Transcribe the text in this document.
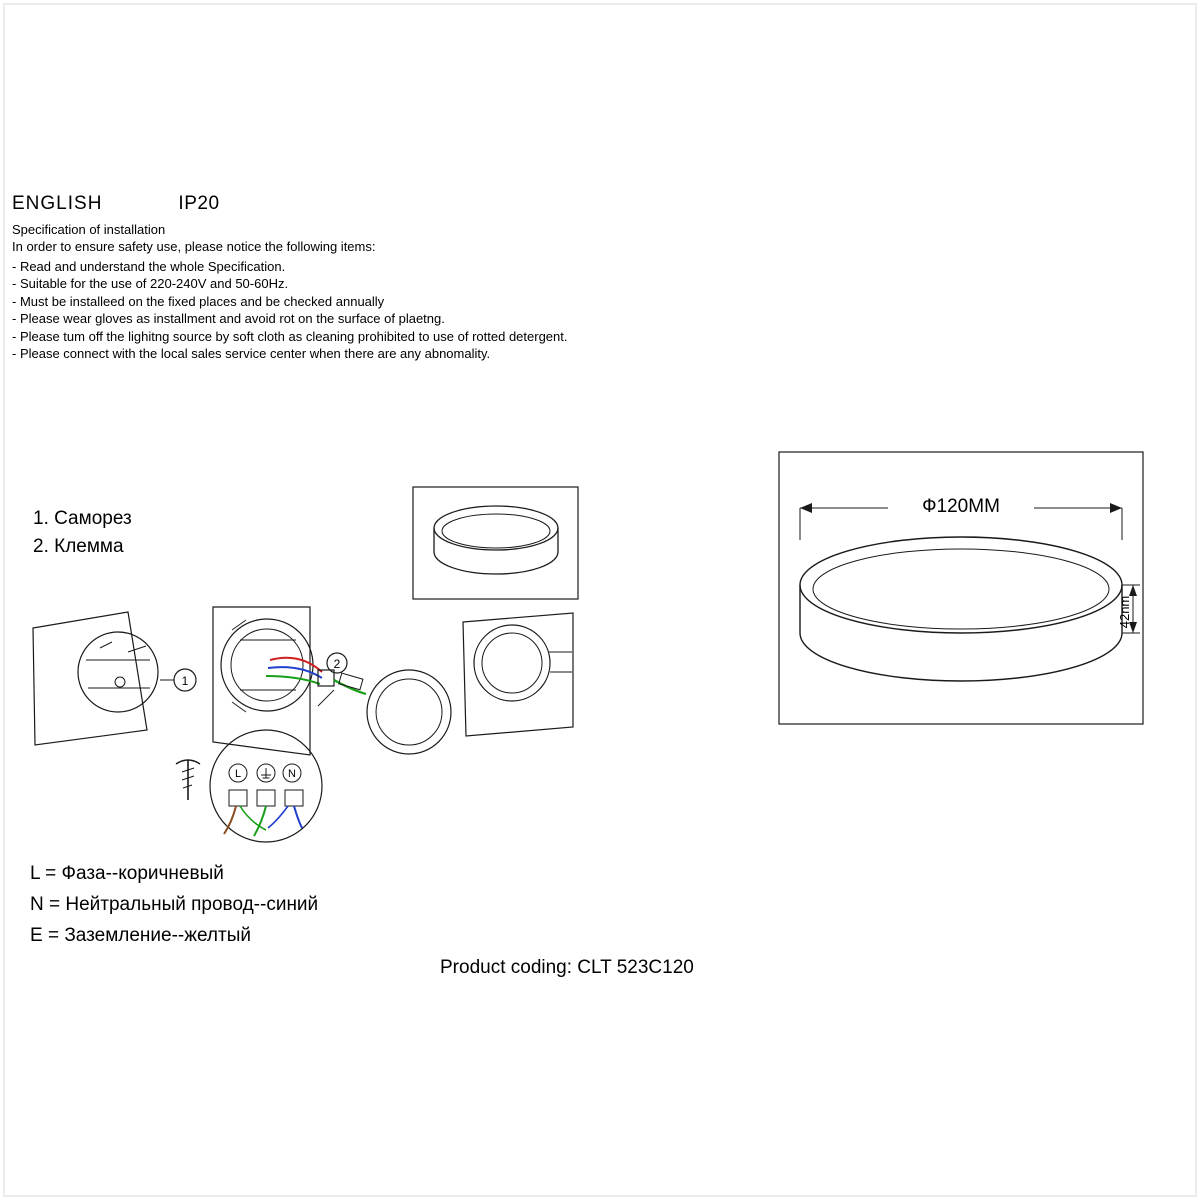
ENGLISH	IP20
Specification of installation
In order to ensure safety use, please notice the following items:
- Read and understand the whole Specification.
- Suitable for the use of 220-240V and 50-60Hz.
- Must be installeed on the fixed places and be checked annually
- Please wear gloves as installment and avoid rot on the surface of plaetng.
- Please tum off the lighitng source by soft cloth as cleaning prohibited to use of rotted detergent.
- Please connect with the local sales service center when there are any abnomality.
1. Саморез
2. Клемма
L = Фаза--коричневый
N = Нейтральный провод--синий
E = Заземление--желтый
Product coding: CLT 523C120
1
2
L	N
Ф120MM
42nm
